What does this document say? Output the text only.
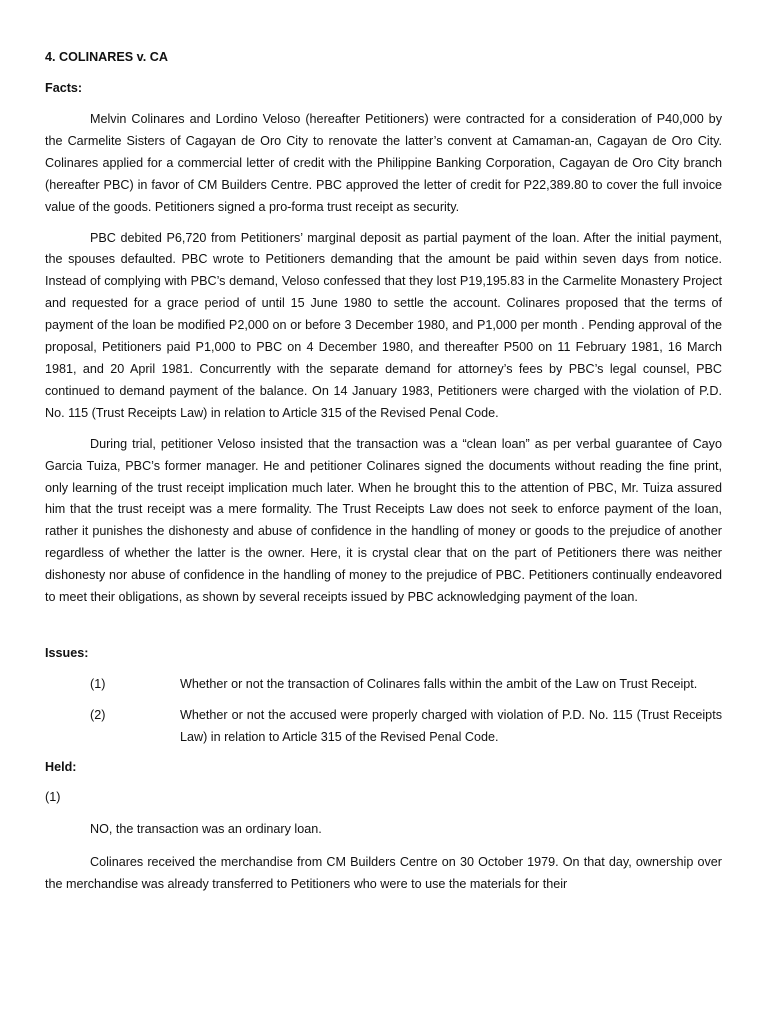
4. COLINARES v. CA
Facts:

Melvin Colinares and Lordino Veloso (hereafter Petitioners) were contracted for a consideration of P40,000 by the Carmelite Sisters of Cagayan de Oro City to renovate the latter’s convent at Camaman-an, Cagayan de Oro City. Colinares applied for a commercial letter of credit with the Philippine Banking Corporation, Cagayan de Oro City branch (hereafter PBC) in favor of CM Builders Centre. PBC approved the letter of credit for P22,389.80 to cover the full invoice value of the goods. Petitioners signed a pro-forma trust receipt as security.

PBC debited P6,720 from Petitioners’ marginal deposit as partial payment of the loan. After the initial payment, the spouses defaulted. PBC wrote to Petitioners demanding that the amount be paid within seven days from notice. Instead of complying with PBC’s demand, Veloso confessed that they lost P19,195.83 in the Carmelite Monastery Project and requested for a grace period of until 15 June 1980 to settle the account. Colinares proposed that the terms of payment of the loan be modified P2,000 on or before 3 December 1980, and P1,000 per month . Pending approval of the proposal, Petitioners paid P1,000 to PBC on 4 December 1980, and thereafter P500 on 11 February 1981, 16 March 1981, and 20 April 1981. Concurrently with the separate demand for attorney’s fees by PBC’s legal counsel, PBC continued to demand payment of the balance. On 14 January 1983, Petitioners were charged with the violation of P.D. No. 115 (Trust Receipts Law) in relation to Article 315 of the Revised Penal Code.

During trial, petitioner Veloso insisted that the transaction was a “clean loan” as per verbal guarantee of Cayo Garcia Tuiza, PBC’s former manager. He and petitioner Colinares signed the documents without reading the fine print, only learning of the trust receipt implication much later. When he brought this to the attention of PBC, Mr. Tuiza assured him that the trust receipt was a mere formality. The Trust Receipts Law does not seek to enforce payment of the loan, rather it punishes the dishonesty and abuse of confidence in the handling of money or goods to the prejudice of another regardless of whether the latter is the owner. Here, it is crystal clear that on the part of Petitioners there was neither dishonesty nor abuse of confidence in the handling of money to the prejudice of PBC. Petitioners continually endeavored to meet their obligations, as shown by several receipts issued by PBC acknowledging payment of the loan.

Issues:
(1)	Whether or not the transaction of Colinares falls within the ambit of the Law on Trust Receipt.
(2)	Whether or not the accused were properly charged with violation of P.D. No. 115 (Trust Receipts Law) in relation to Article 315 of the Revised Penal Code.
Held:
(1)
NO, the transaction was an ordinary loan.

Colinares received the merchandise from CM Builders Centre on 30 October 1979. On that day, ownership over the merchandise was already transferred to Petitioners who were to use the materials for their
